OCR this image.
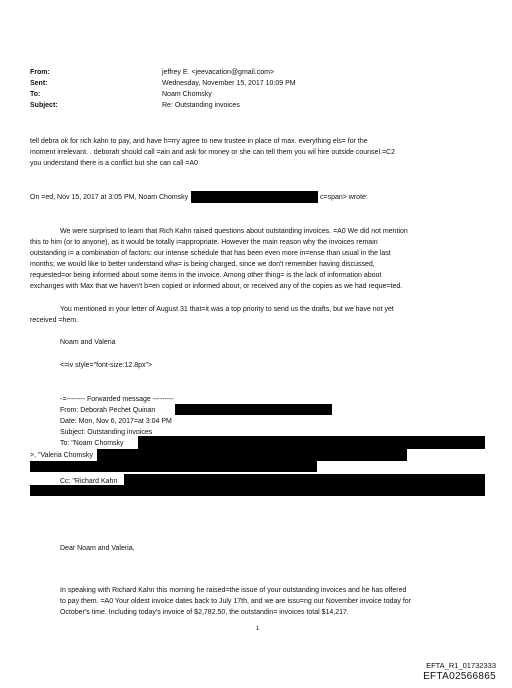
From:
Sent:
To:
Subject:
jeffrey E. <jeevacation@gmail.com>
Wednesday, November 15, 2017 10:09 PM
Noam Chomsky
Re: Outstanding invoices
tell debra ok for rich kahn to pay, and have h=rry agree to new trustee in place of max. everything els= for the
moment irrelevant. . deborah should call =ain and ask for money or she can tell them you wil hire outside counsel.=C2
you understand there is a conflict but she can call =A0
On =ed, Nov 15, 2017 at 3:05 PM, Noam Chomsky	c=span> wrote:
We were surprised to learn that Rich Kahn raised questions about outstanding invoices. =A0 We did not mention
this to him (or to anyone), as it would be totally i=appropriate. However the main reason why the invoices remain
outstanding i= a combination of factors: our intense schedule that has been even more in=ense than usual in the last
months; we would like to better understand wha= is being charged, since we don't remember having discussed,
requested=or being informed about some items in the invoice. Among other thing= is the lack of information about
exchanges with Max that we haven't b=en copied or informed about, or received any of the copies as we had reque=ted.
You mentioned in your letter of August 31 that=it was a top priority to send us the drafts, but we have not yet
received =hem.
Noam and Valeria
<=iv style="font-size:12.8px">
-=-------- Forwarded message ---------
From: Deborah Pechet Quinan
Date: Mon, Nov 6, 2017=at 3:04 PM
Subject: Outstanding invoices
To: "Noam Chomsky
>, "Valeria Chomsky
Cc: "Richard Kahn
Dear Noam and Valeria,
In speaking with Richard Kahn this morning he raised=the issue of your outstanding invoices and he has offered
to pay them. =A0 Your oldest invoice dates back to July 17th, and we are issu=ng our November invoice today for
October's time. Including today's invoice of $2,782.50, the outstandin= invoices total $14,217.
1
EFTA_R1_01732333
EFTA02566865
